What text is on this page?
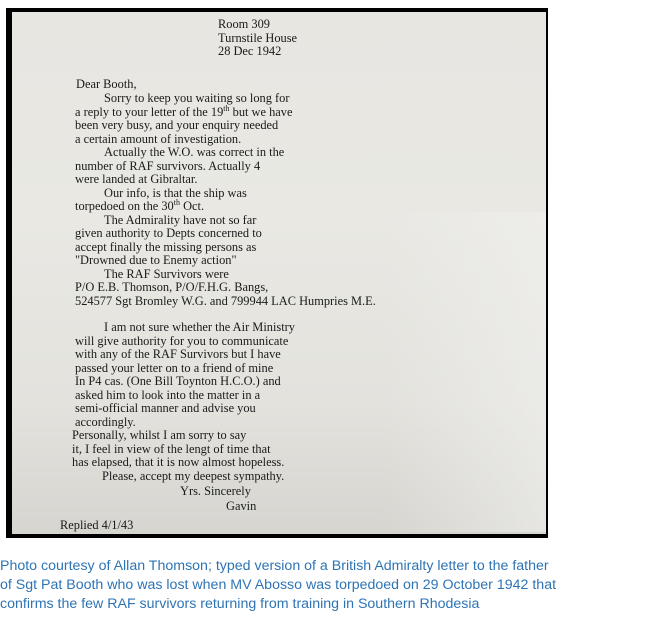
Room 309
Turnstile House
28 Dec 1942
Dear Booth,
Sorry to keep you waiting so long for
a reply to your letter of the 19th but we have
been very busy, and your enquiry needed
a certain amount of investigation.
Actually the W.O. was correct in the
number of RAF survivors. Actually 4
were landed at Gibraltar.
Our info, is that the ship was
torpedoed on the 30th Oct.
The Admirality have not so far
given authority to Depts concerned to
accept finally the missing persons as
"Drowned due to Enemy action"
The RAF Survivors were
P/O E.B. Thomson, P/O/F.H.G. Bangs,
524577 Sgt Bromley W.G. and 799944 LAC Humpries M.E.
I am not sure whether the Air Ministry
will give authority for you to communicate
with any of the RAF Survivors but I have
passed your letter on to a friend of mine
In P4 cas. (One Bill Toynton H.C.O.) and
asked him to look into the matter in a
semi-official manner and advise you
accordingly.
Personally, whilst I am sorry to say
it, I feel in view of the lengt of time that
has elapsed, that it is now almost hopeless.
Please, accept my deepest sympathy.
Yrs. Sincerely
Gavin
Replied 4/1/43
Photo courtesy of Allan Thomson; typed version of a British Admiralty letter to the father
of Sgt Pat Booth who was lost when MV Abosso was torpedoed on 29 October 1942 that
confirms the few RAF survivors returning from training in Southern Rhodesia
